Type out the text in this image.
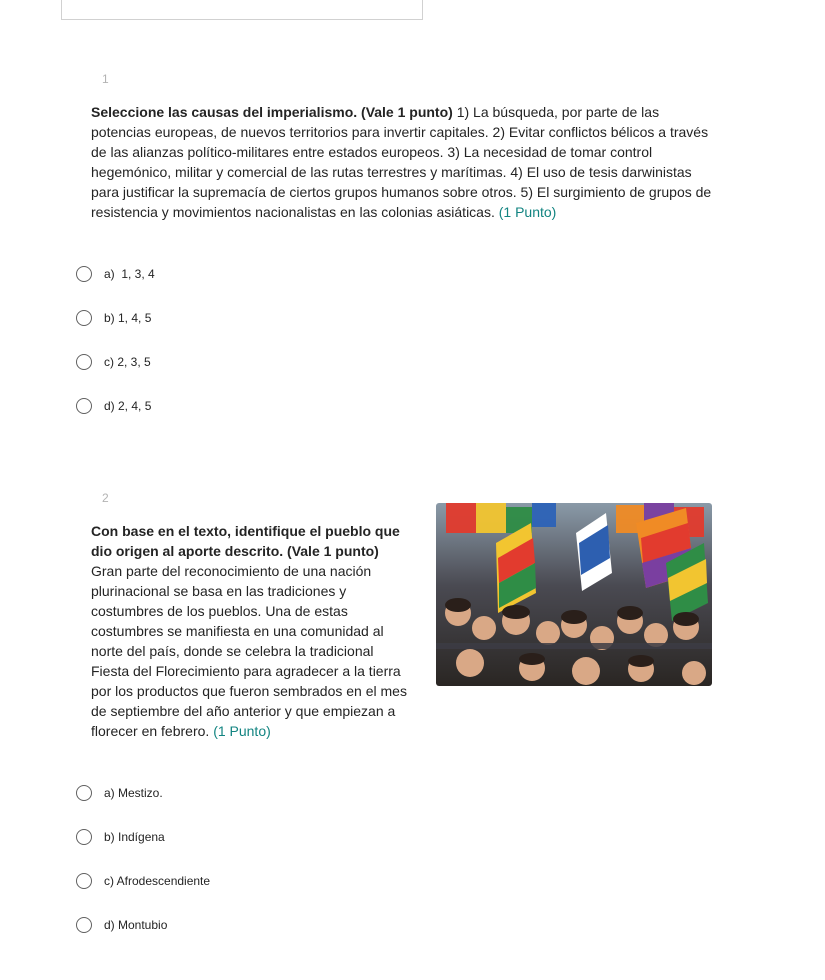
1
Seleccione las causas del imperialismo. (Vale 1 punto) 1) La búsqueda, por parte de las potencias europeas, de nuevos territorios para invertir capitales. 2) Evitar conflictos bélicos a través de las alianzas político-militares entre estados europeos. 3) La necesidad de tomar control hegemónico, militar y comercial de las rutas terrestres y marítimas. 4) El uso de tesis darwinistas para justificar la supremacía de ciertos grupos humanos sobre otros. 5) El surgimiento de grupos de resistencia y movimientos nacionalistas en las colonias asiáticas. (1 Punto)
a)  1, 3, 4
b) 1, 4, 5
c) 2, 3, 5
d) 2, 4, 5
2
Con base en el texto, identifique el pueblo que dio origen al aporte descrito. (Vale 1 punto) Gran parte del reconocimiento de una nación plurinacional se basa en las tradiciones y costumbres de los pueblos. Una de estas costumbres se manifiesta en una comunidad al norte del país, donde se celebra la tradicional Fiesta del Florecimiento para agradecer a la tierra por los productos que fueron sembrados en el mes de septiembre del año anterior y que empiezan a florecer en febrero. (1 Punto)
a) Mestizo.
b) Indígena
c) Afrodescendiente
d) Montubio
